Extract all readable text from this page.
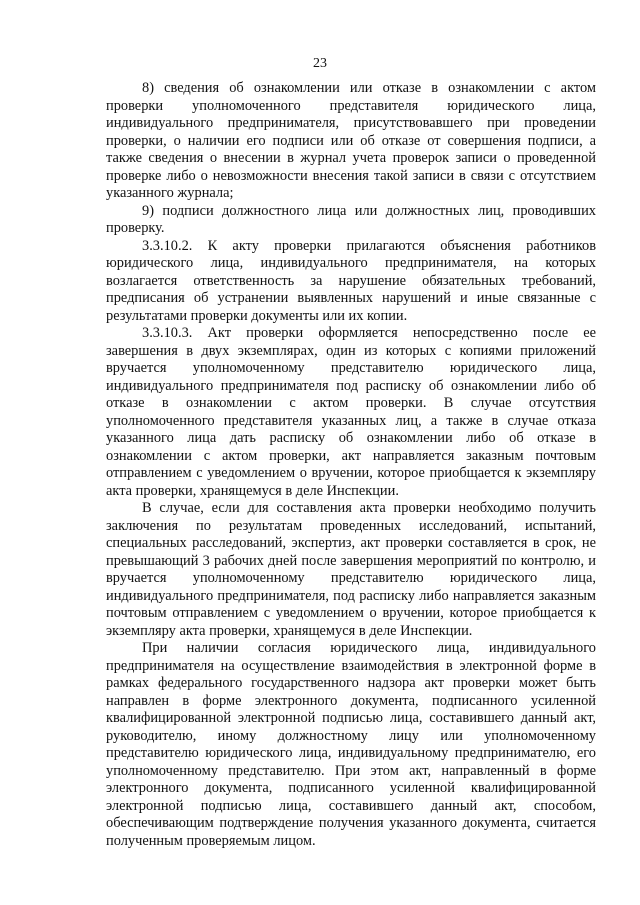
23

8) сведения об ознакомлении или отказе в ознакомлении с актом проверки уполномоченного представителя юридического лица, индивидуального предпринимателя, присутствовавшего при проведении проверки, о наличии его подписи или об отказе от совершения подписи, а также сведения о внесении в журнал учета проверок записи о проведенной проверке либо о невозможности внесения такой записи в связи с отсутствием указанного журнала;

9) подписи должностного лица или должностных лиц, проводивших проверку.

3.3.10.2. К акту проверки прилагаются объяснения работников юридического лица, индивидуального предпринимателя, на которых возлагается ответственность за нарушение обязательных требований, предписания об устранении выявленных нарушений и иные связанные с результатами проверки документы или их копии.

3.3.10.3. Акт проверки оформляется непосредственно после ее завершения в двух экземплярах, один из которых с копиями приложений вручается уполномоченному представителю юридического лица, индивидуального предпринимателя под расписку об ознакомлении либо об отказе в ознакомлении с актом проверки. В случае отсутствия уполномоченного представителя указанных лиц, а также в случае отказа указанного лица дать расписку об ознакомлении либо об отказе в ознакомлении с актом проверки, акт направляется заказным почтовым отправлением с уведомлением о вручении, которое приобщается к экземпляру акта проверки, хранящемуся в деле Инспекции.

В случае, если для составления акта проверки необходимо получить заключения по результатам проведенных исследований, испытаний, специальных расследований, экспертиз, акт проверки составляется в срок, не превышающий 3 рабочих дней после завершения мероприятий по контролю, и вручается уполномоченному представителю юридического лица, индивидуального предпринимателя, под расписку либо направляется заказным почтовым отправлением с уведомлением о вручении, которое приобщается к экземпляру акта проверки, хранящемуся в деле Инспекции.

При наличии согласия юридического лица, индивидуального предпринимателя на осуществление взаимодействия в электронной форме в рамках федерального государственного надзора акт проверки может быть направлен в форме электронного документа, подписанного усиленной квалифицированной электронной подписью лица, составившего данный акт, руководителю, иному должностному лицу или уполномоченному представителю юридического лица, индивидуальному предпринимателю, его уполномоченному представителю. При этом акт, направленный в форме электронного документа, подписанного усиленной квалифицированной электронной подписью лица, составившего данный акт, способом, обеспечивающим подтверждение получения указанного документа, считается полученным проверяемым лицом.
